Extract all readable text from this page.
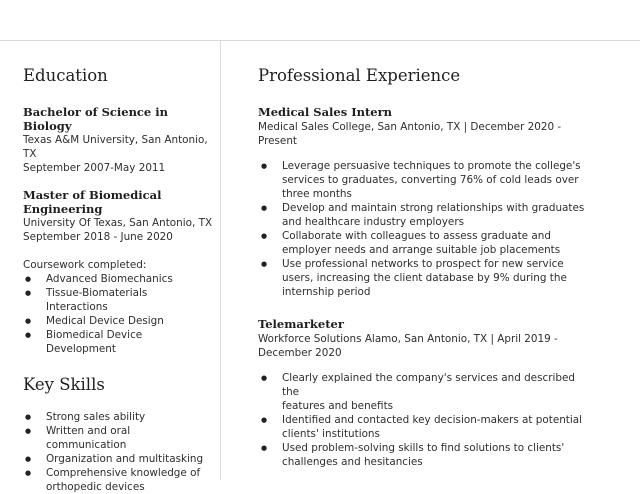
Education
Bachelor of Science in Biology
Texas A&M University, San Antonio,
TX
September 2007-May 2011
Master of Biomedical
Engineering
University Of Texas, San Antonio, TX
September 2018 - June 2020
Coursework completed:
● Advanced Biomechanics
● Tissue-Biomaterials
Interactions
● Medical Device Design
● Biomedical Device
Development
Key Skills
● Strong sales ability
● Written and oral
communication
● Organization and multitasking
● Comprehensive knowledge of
orthopedic devices
Professional Experience
Medical Sales Intern
Medical Sales College, San Antonio, TX | December 2020 -
Present
● Leverage persuasive techniques to promote the college's
services to graduates, converting 76% of cold leads over
three months
● Develop and maintain strong relationships with graduates
and healthcare industry employers
● Collaborate with colleagues to assess graduate and
employer needs and arrange suitable job placements
● Use professional networks to prospect for new service
users, increasing the client database by 9% during the
internship period
Telemarketer
Workforce Solutions Alamo, San Antonio, TX | April 2019 -
December 2020
● Clearly explained the company's services and described the
features and benefits
● Identified and contacted key decision-makers at potential
clients' institutions
● Used problem-solving skills to find solutions to clients'
challenges and hesitancies
